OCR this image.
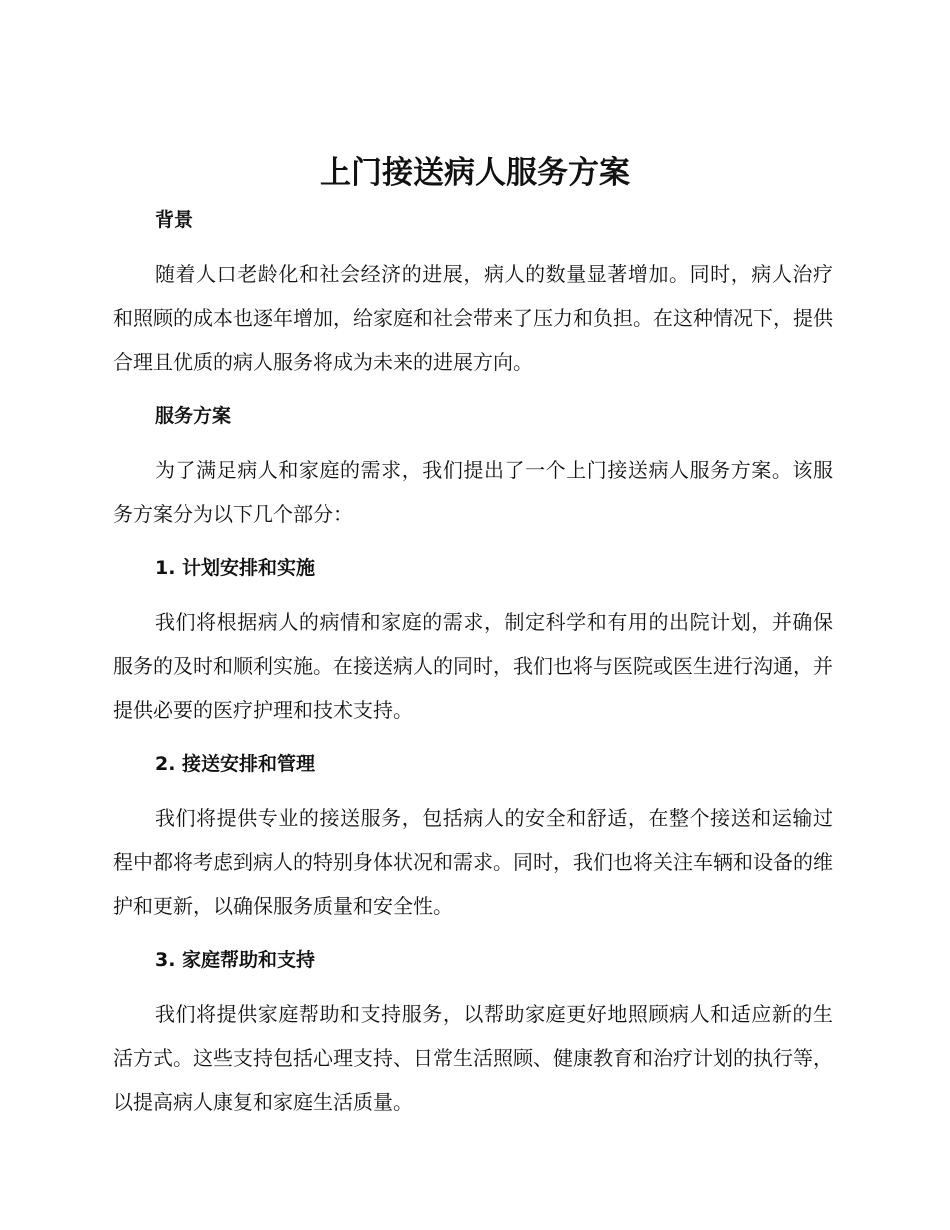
上门接送病人服务方案
背景

随着人口老龄化和社会经济的进展，病人的数量显著增加。同时，病人治疗和照顾的成本也逐年增加，给家庭和社会带来了压力和负担。在这种情况下，提供合理且优质的病人服务将成为未来的进展方向。

服务方案

为了满足病人和家庭的需求，我们提出了一个上门接送病人服务方案。该服务方案分为以下几个部分：

1. 计划安排和实施

我们将根据病人的病情和家庭的需求，制定科学和有用的出院计划，并确保服务的及时和顺利实施。在接送病人的同时，我们也将与医院或医生进行沟通，并提供必要的医疗护理和技术支持。

2. 接送安排和管理

我们将提供专业的接送服务，包括病人的安全和舒适，在整个接送和运输过程中都将考虑到病人的特别身体状况和需求。同时，我们也将关注车辆和设备的维护和更新，以确保服务质量和安全性。

3. 家庭帮助和支持

我们将提供家庭帮助和支持服务，以帮助家庭更好地照顾病人和适应新的生活方式。这些支持包括心理支持、日常生活照顾、健康教育和治疗计划的执行等，以提高病人康复和家庭生活质量。
